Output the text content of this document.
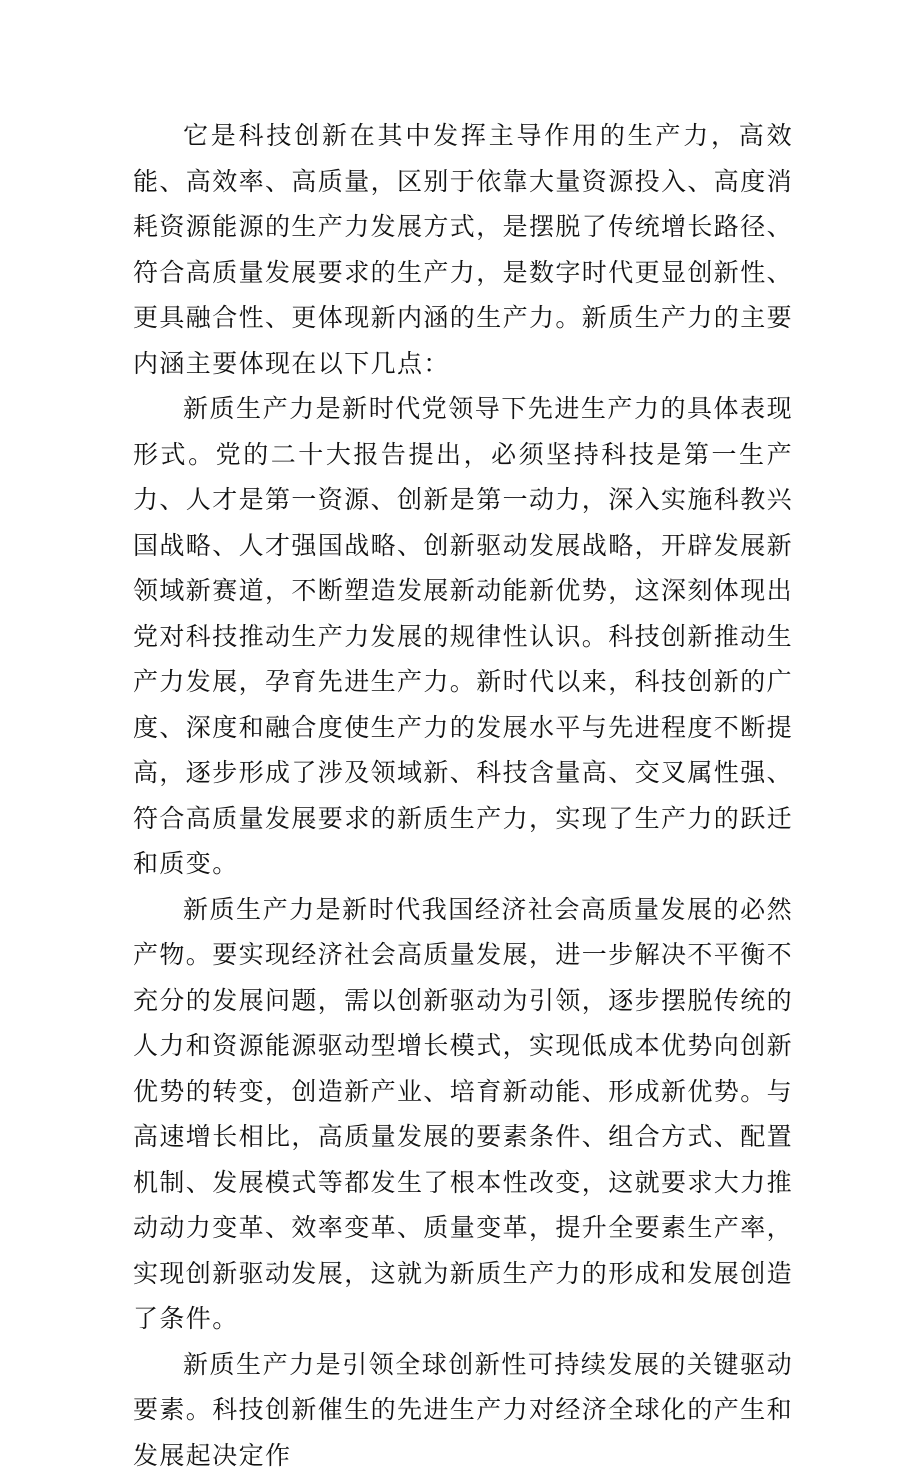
它是科技创新在其中发挥主导作用的生产力，高效能、高效率、高质量，区别于依靠大量资源投入、高度消耗资源能源的生产力发展方式，是摆脱了传统增长路径、符合高质量发展要求的生产力，是数字时代更显创新性、更具融合性、更体现新内涵的生产力。新质生产力的主要内涵主要体现在以下几点：

新质生产力是新时代党领导下先进生产力的具体表现形式。党的二十大报告提出，必须坚持科技是第一生产力、人才是第一资源、创新是第一动力，深入实施科教兴国战略、人才强国战略、创新驱动发展战略，开辟发展新领域新赛道，不断塑造发展新动能新优势，这深刻体现出党对科技推动生产力发展的规律性认识。科技创新推动生产力发展，孕育先进生产力。新时代以来，科技创新的广度、深度和融合度使生产力的发展水平与先进程度不断提高，逐步形成了涉及领域新、科技含量高、交叉属性强、符合高质量发展要求的新质生产力，实现了生产力的跃迁和质变。

新质生产力是新时代我国经济社会高质量发展的必然产物。要实现经济社会高质量发展，进一步解决不平衡不充分的发展问题，需以创新驱动为引领，逐步摆脱传统的人力和资源能源驱动型增长模式，实现低成本优势向创新优势的转变，创造新产业、培育新动能、形成新优势。与高速增长相比，高质量发展的要素条件、组合方式、配置机制、发展模式等都发生了根本性改变，这就要求大力推动动力变革、效率变革、质量变革，提升全要素生产率，实现创新驱动发展，这就为新质生产力的形成和发展创造了条件。

新质生产力是引领全球创新性可持续发展的关键驱动要素。科技创新催生的先进生产力对经济全球化的产生和发展起决定作
